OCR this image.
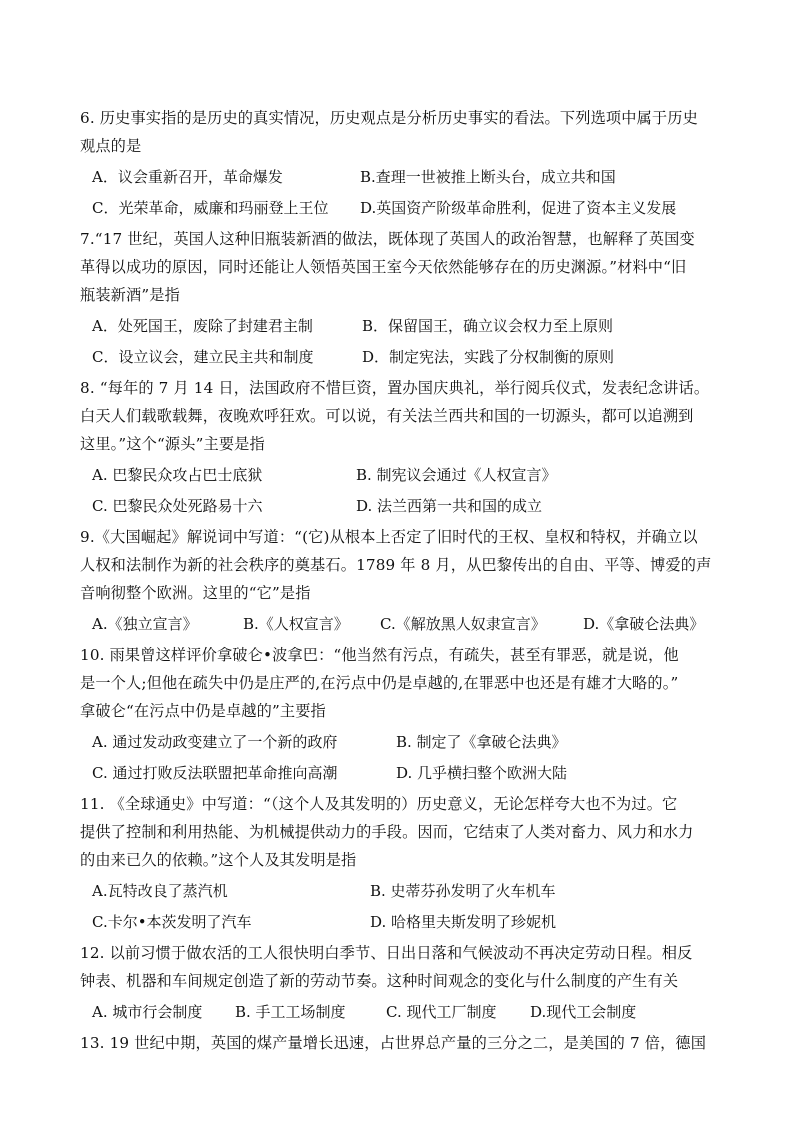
6. 历史事实指的是历史的真实情况，历史观点是分析历史事实的看法。下列选项中属于历史
观点的是
A．议会重新召开，革命爆发	B.查理一世被推上断头台，成立共和国
C．光荣革命，威廉和玛丽登上王位 D.英国资产阶级革命胜利，促进了资本主义发展
7.“17 世纪，英国人这种旧瓶装新酒的做法，既体现了英国人的政治智慧，也解释了英国变
革得以成功的原因，同时还能让人领悟英国王室今天依然能够存在的历史渊源。”材料中“旧
瓶装新酒”是指
A．处死国王，废除了封建君主制	B．保留国王，确立议会权力至上原则
C．设立议会，建立民主共和制度	D．制定宪法，实践了分权制衡的原则
8. “每年的 7 月 14 日，法国政府不惜巨资，置办国庆典礼，举行阅兵仪式，发表纪念讲话。
白天人们载歌载舞，夜晚欢呼狂欢。可以说，有关法兰西共和国的一切源头，都可以追溯到
这里。”这个“源头”主要是指
A. 巴黎民众攻占巴士底狱	B. 制宪议会通过《人权宣言》
C. 巴黎民众处死路易十六	D. 法兰西第一共和国的成立
9.《大国崛起》解说词中写道：“(它)从根本上否定了旧时代的王权、皇权和特权，并确立以
人权和法制作为新的社会秩序的奠基石。1789 年 8 月，从巴黎传出的自由、平等、博爱的声
音响彻整个欧洲。这里的“它”是指
A.《独立宣言》	B.《人权宣言》 C.《解放黑人奴隶宣言》 D.《拿破仑法典》
10. 雨果曾这样评价拿破仑•波拿巴：“他当然有污点，有疏失，甚至有罪恶，就是说，他
是一个人;但他在疏失中仍是庄严的,在污点中仍是卓越的,在罪恶中也还是有雄才大略的。”
拿破仑“在污点中仍是卓越的”主要指
A. 通过发动政变建立了一个新的政府	B. 制定了《拿破仑法典》
C. 通过打败反法联盟把革命推向高潮	D. 几乎横扫整个欧洲大陆
11. 《全球通史》中写道：“（这个人及其发明的）历史意义，无论怎样夸大也不为过。它
提供了控制和利用热能、为机械提供动力的手段。因而，它结束了人类对畜力、风力和水力
的由来已久的依赖。”这个人及其发明是指
A.瓦特改良了蒸汽机	B. 史蒂芬孙发明了火车机车
C.卡尔•本茨发明了汽车	D. 哈格里夫斯发明了珍妮机
12. 以前习惯于做农活的工人很快明白季节、日出日落和气候波动不再决定劳动日程。相反
钟表、机器和车间规定创造了新的劳动节奏。这种时间观念的变化与什么制度的产生有关
A. 城市行会制度 B. 手工工场制度	C. 现代工厂制度 D.现代工会制度
13. 19 世纪中期，英国的煤产量增长迅速，占世界总产量的三分之二，是美国的 7 倍，德国
